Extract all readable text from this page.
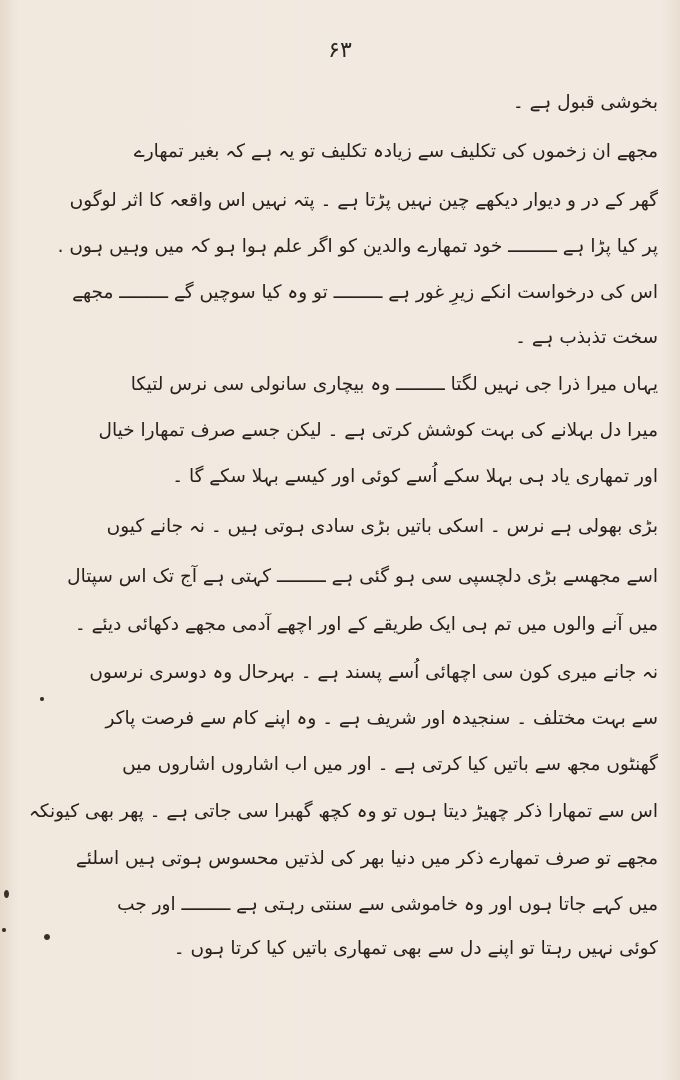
۶۳
بخوشی قبول ہے ۔
مجھے ان زخموں کی تکلیف سے زیادہ تکلیف تو یہ ہے کہ بغیر تمھارے
گھر کے در و دیوار دیکھے چین نہیں پڑتا ہے ۔ پتہ نہیں اس واقعہ کا اثر لوگوں
پر کیا پڑا ہے ـــــــــ خود تمھارے والدین کو اگر علم ہوا ہو کہ میں وہیں ہوں .
اس کی درخواست انکے زیرِ غور ہے ـــــــــ تو وہ کیا سوچیں گے ـــــــــ مجھے
سخت تذبذب ہے ۔
یہاں میرا ذرا جی نہیں لگتا ـــــــــ وہ بیچاری سانولی سی نرس لتیکا
میرا دل بہلانے کی بہت کوشش کرتی ہے ۔ لیکن جسے صرف تمھارا خیال
اور تمھاری یاد ہی بہلا سکے اُسے کوئی اور کیسے بہلا سکے گا ۔
بڑی بھولی ہے نرس ۔ اسکی باتیں بڑی سادی ہوتی ہیں ۔ نہ جانے کیوں
اسے مجھسے بڑی دلچسپی سی ہو گئی ہے ـــــــــ کہتی ہے آج تک اس سپتال
میں آنے والوں میں تم ہی ایک طریقے کے اور اچھے آدمی مجھے دکھائی دیئے ۔
نہ جانے میری کون سی اچھائی اُسے پسند ہے ۔ بہرحال وہ دوسری نرسوں
سے بہت مختلف ۔ سنجیدہ اور شریف ہے ۔ وہ اپنے کام سے فرصت پاکر
گھنٹوں مجھ سے باتیں کیا کرتی ہے ۔ اور میں اب اشاروں اشاروں میں
اس سے تمھارا ذکر چھیڑ دیتا ہوں تو وہ کچھ گھبرا سی جاتی ہے ۔ پھر بھی کیونکہ
مجھے تو صرف تمھارے ذکر میں دنیا بھر کی لذتیں محسوس ہوتی ہیں اسلئے
میں کہے جاتا ہوں اور وہ خاموشی سے سنتی رہتی ہے ـــــــــ اور جب
کوئی نہیں رہتا تو اپنے دل سے بھی تمھاری باتیں کیا کرتا ہوں ۔
